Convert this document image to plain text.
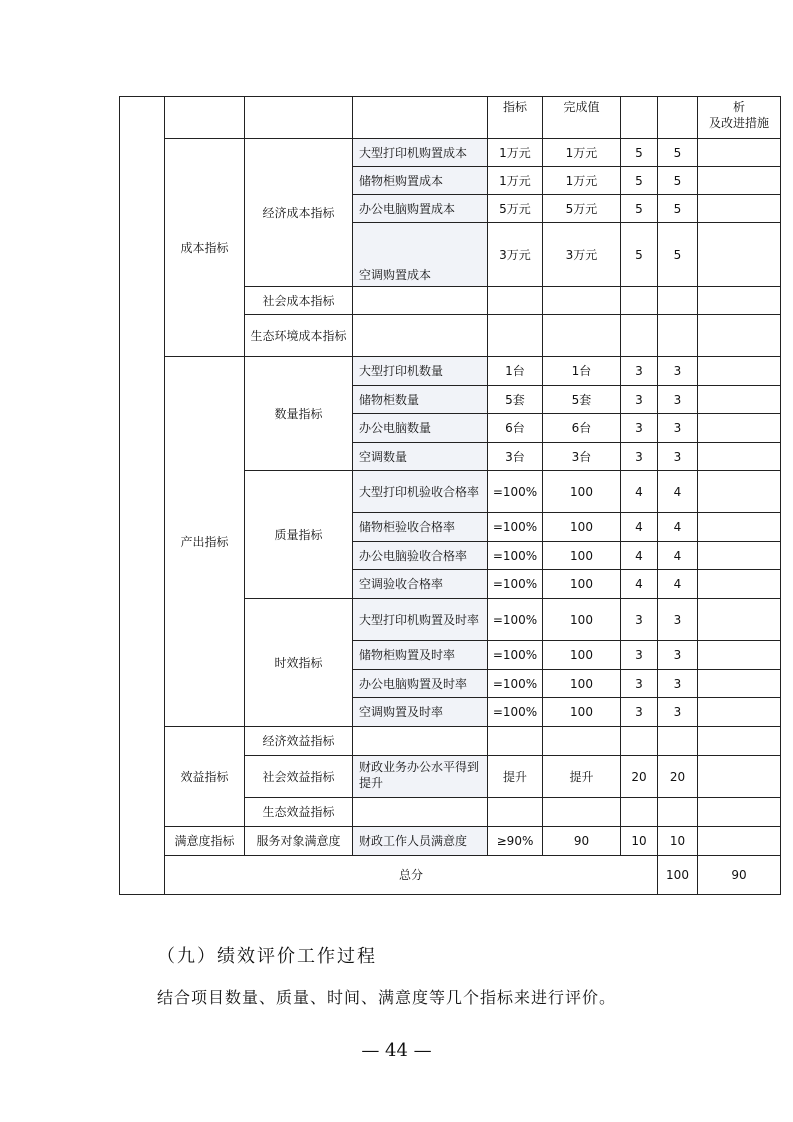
				指标	完成值			析
及改进措施	
	成本指标	经济成本指标	大型打印机购置成本	1万元	1万元	5	5		
			储物柜购置成本	1万元	1万元	5	5		
			办公电脑购置成本	5万元	5万元	5	5		
			空调购置成本	3万元	3万元	5	5		
		社会成本指标							
		生态环境成本指标							
	产出指标	数量指标	大型打印机数量	1台	1台	3	3		
			储物柜数量	5套	5套	3	3		
			办公电脑数量	6台	6台	3	3		
			空调数量	3台	3台	3	3		
		质量指标	大型打印机验收合格率	=100%	100	4	4		
			储物柜验收合格率	=100%	100	4	4		
			办公电脑验收合格率	=100%	100	4	4		
			空调验收合格率	=100%	100	4	4		
		时效指标	大型打印机购置及时率	=100%	100	3	3		
			储物柜购置及时率	=100%	100	3	3		
			办公电脑购置及时率	=100%	100	3	3		
			空调购置及时率	=100%	100	3	3		
	效益指标	经济效益指标							
		社会效益指标	财政业务办公水平得到提升	提升	提升	20	20		
		生态效益指标							
	满意度指标	服务对象满意度	财政工作人员满意度	≥90%	90	10	10		
	总分						100	90	
（九）绩效评价工作过程
结合项目数量、质量、时间、满意度等几个指标来进行评价。
— 44 —
